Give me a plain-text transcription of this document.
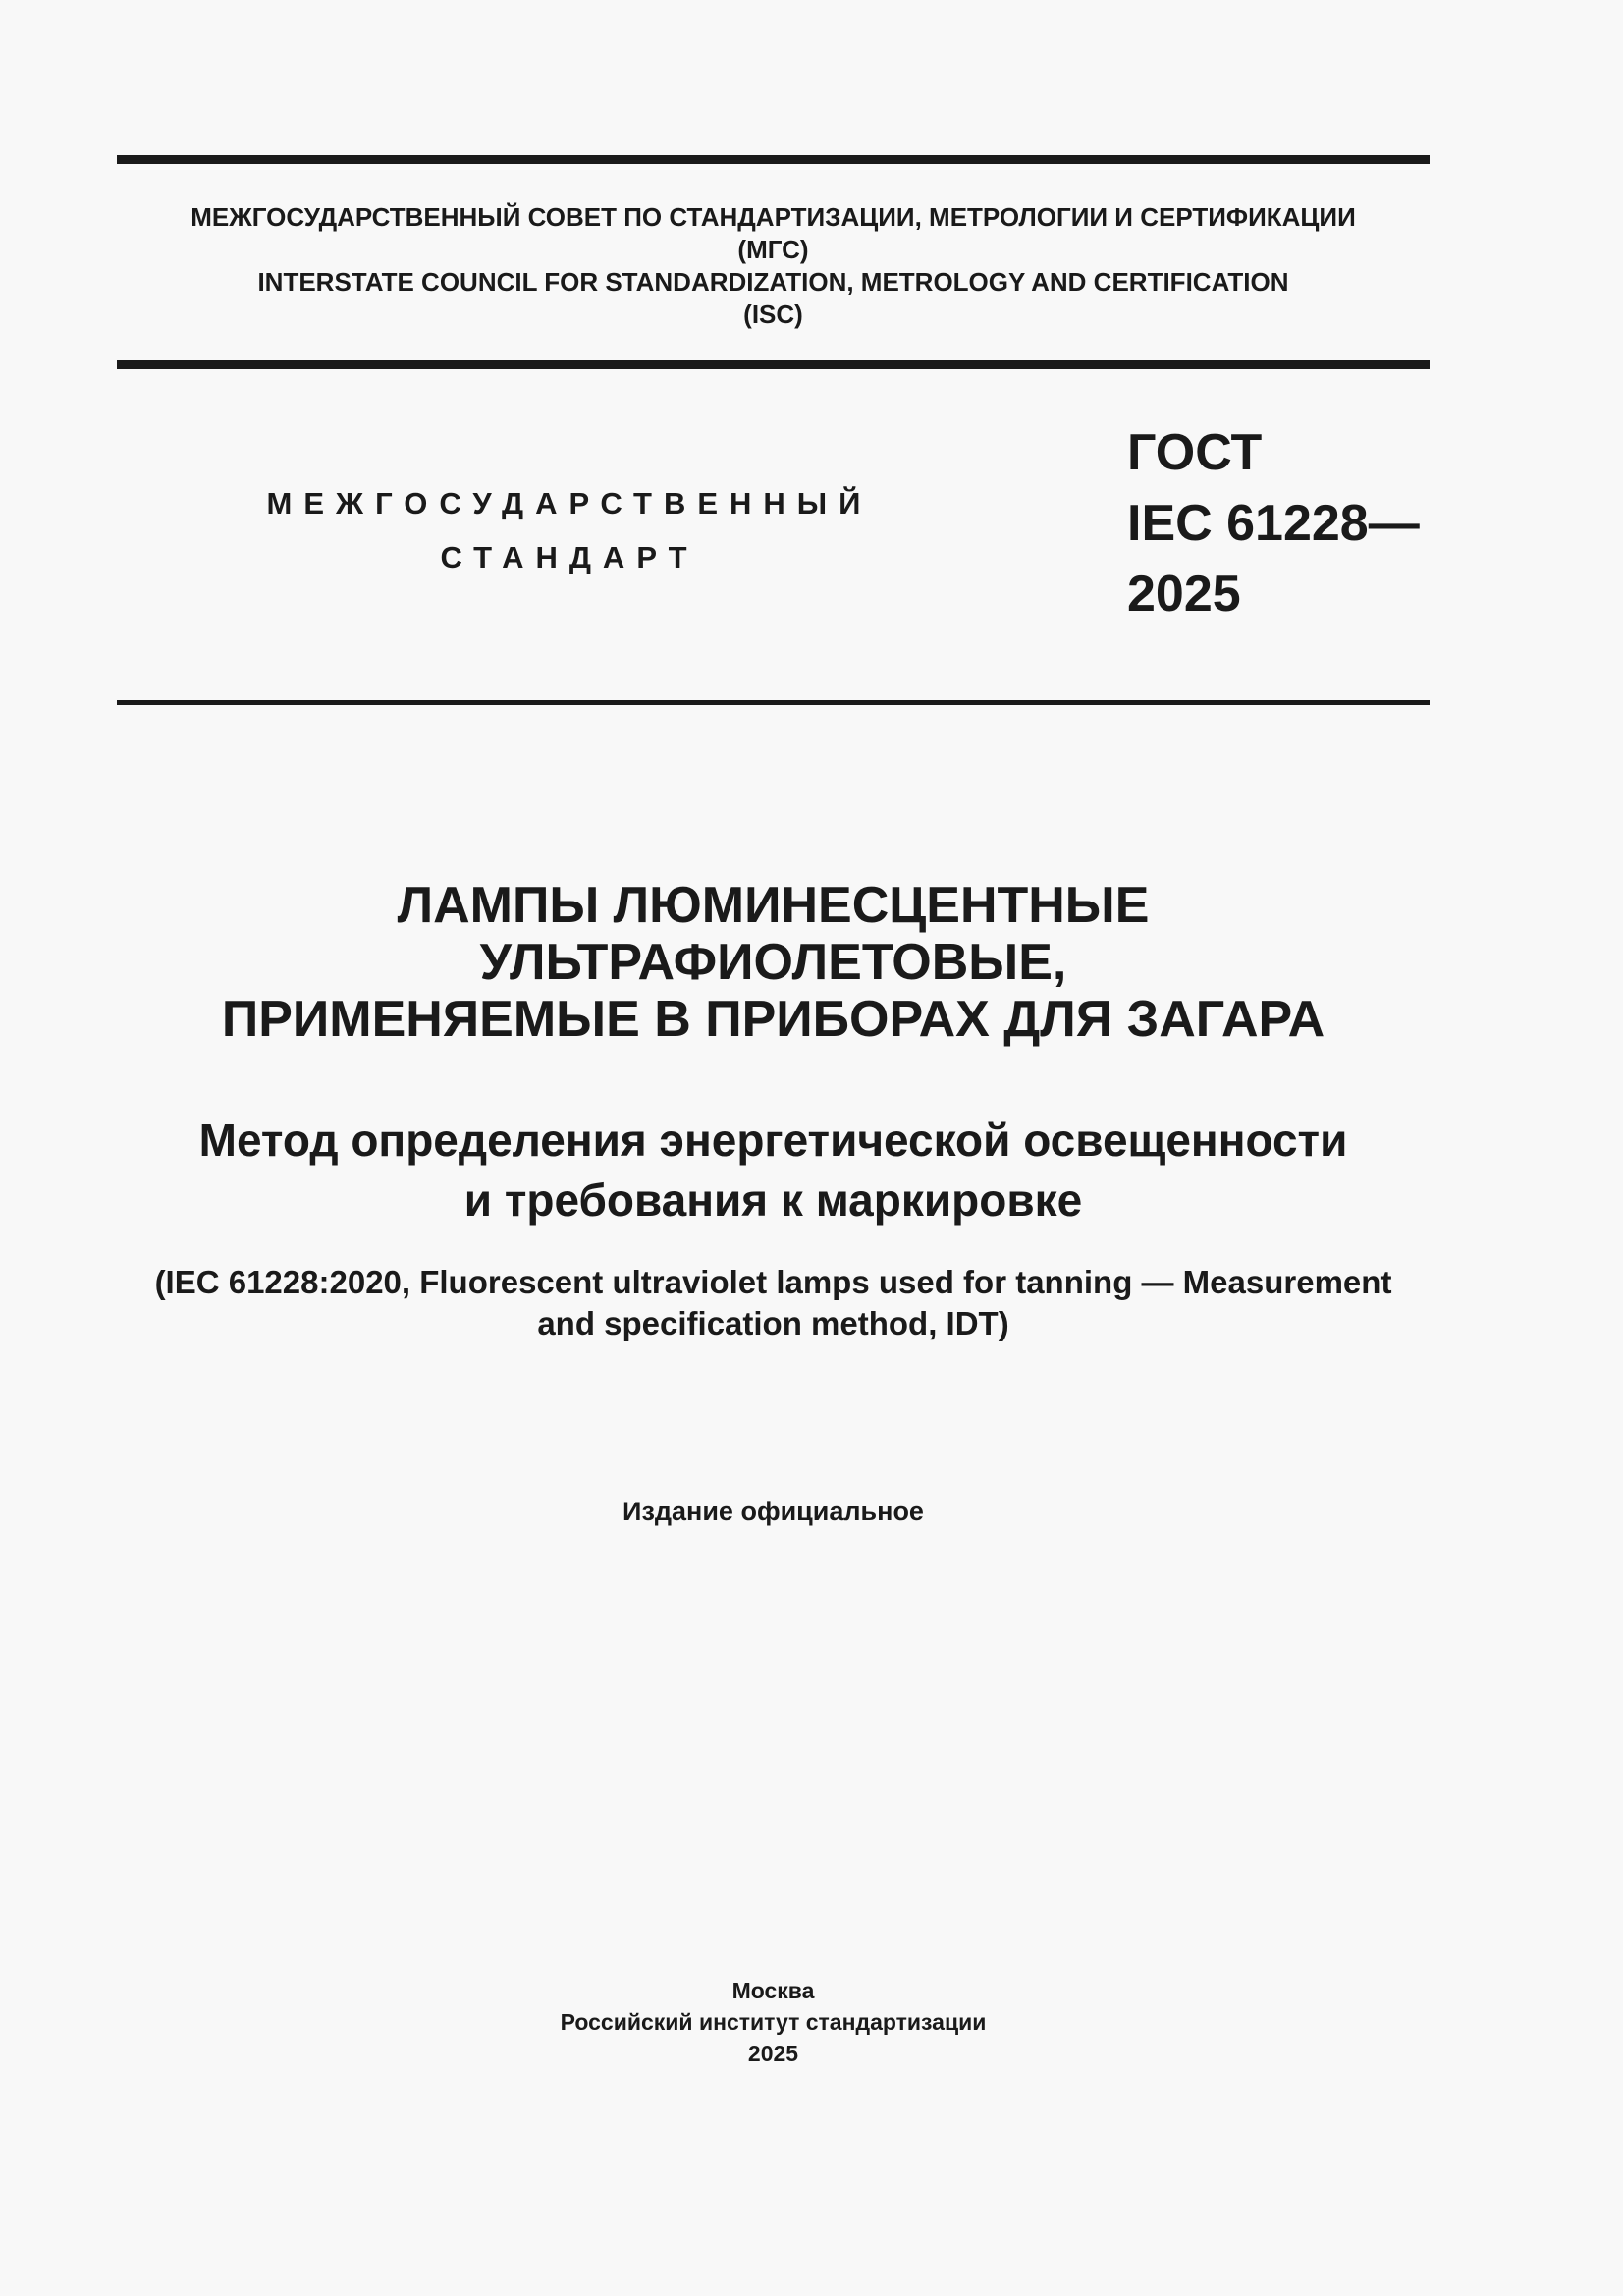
МЕЖГОСУДАРСТВЕННЫЙ СОВЕТ ПО СТАНДАРТИЗАЦИИ, МЕТРОЛОГИИ И СЕРТИФИКАЦИИ
(МГС)
INTERSTATE COUNCIL FOR STANDARDIZATION, METROLOGY AND CERTIFICATION
(ISC)
МЕЖГОСУДАРСТВЕННЫЙ
СТАНДАРТ
ГОСТ
IEC 61228—
2025
ЛАМПЫ ЛЮМИНЕСЦЕНТНЫЕ
УЛЬТРАФИОЛЕТОВЫЕ,
ПРИМЕНЯЕМЫЕ В ПРИБОРАХ ДЛЯ ЗАГАРА
Метод определения энергетической освещенности
и требования к маркировке
(IEC 61228:2020, Fluorescent ultraviolet lamps used for tanning — Measurement
and specification method, IDT)
Издание официальное
Москва
Российский институт стандартизации
2025
